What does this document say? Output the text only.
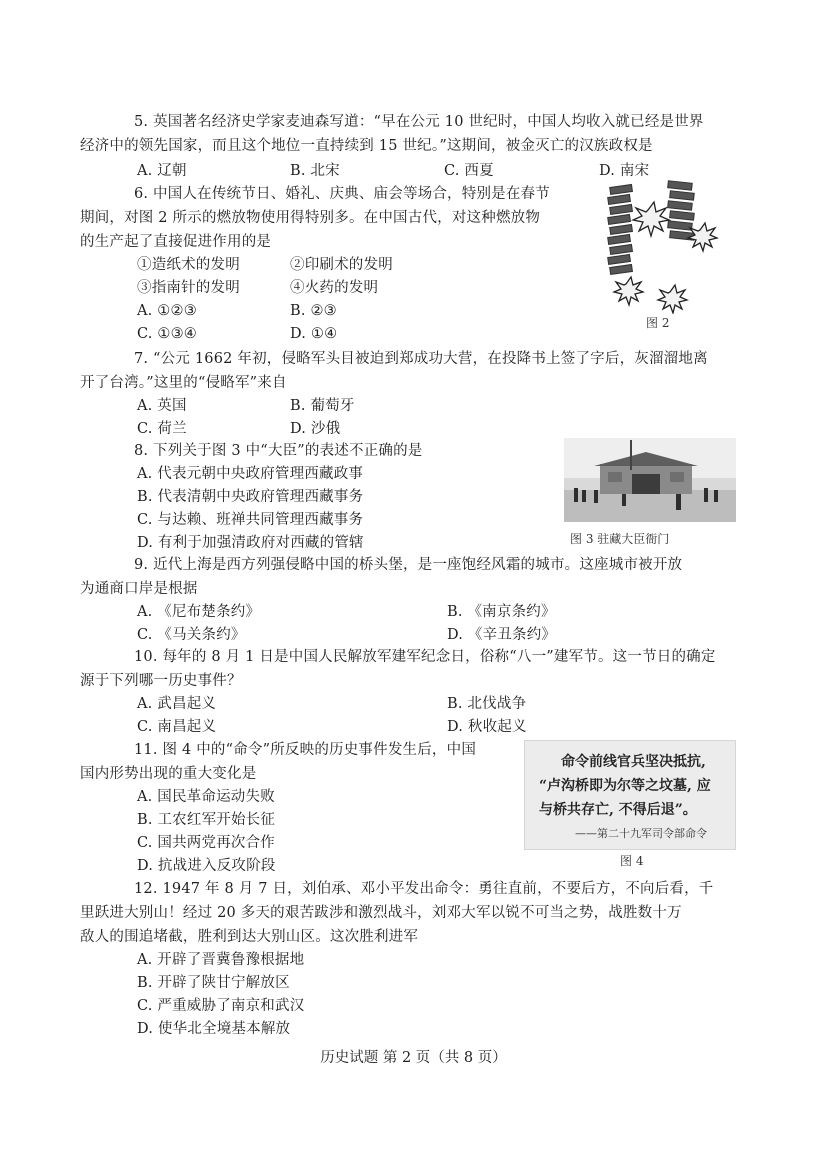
5. 英国著名经济史学家麦迪森写道：“早在公元 10 世纪时，中国人均收入就已经是世界
经济中的领先国家，而且这个地位一直持续到 15 世纪。”这期间，被金灭亡的汉族政权是
A. 辽朝	B. 北宋	C. 西夏	D. 南宋
6. 中国人在传统节日、婚礼、庆典、庙会等场合，特别是在春节
期间，对图 2 所示的燃放物使用得特别多。在中国古代，对这种燃放物
的生产起了直接促进作用的是
①造纸术的发明	②印刷术的发明
③指南针的发明	④火药的发明
A. ①②③	B. ②③
C. ①③④	D. ①④
图 2
7. “公元 1662 年初，侵略军头目被迫到郑成功大营，在投降书上签了字后，灰溜溜地离
开了台湾。”这里的“侵略军”来自
A. 英国	B. 葡萄牙
C. 荷兰	D. 沙俄
8. 下列关于图 3 中“大臣”的表述不正确的是
A. 代表元朝中央政府管理西藏政事
B. 代表清朝中央政府管理西藏事务
C. 与达赖、班禅共同管理西藏事务
D. 有利于加强清政府对西藏的管辖	图 3 驻藏大臣衙门
9. 近代上海是西方列强侵略中国的桥头堡，是一座饱经风霜的城市。这座城市被开放
为通商口岸是根据
A. 《尼布楚条约》	B. 《南京条约》
C. 《马关条约》	D. 《辛丑条约》
10. 每年的 8 月 1 日是中国人民解放军建军纪念日，俗称“八一”建军节。这一节日的确定
源于下列哪一历史事件？
A. 武昌起义	B. 北伐战争
C. 南昌起义	D. 秋收起义
11. 图 4 中的“命令”所反映的历史事件发生后，中国
国内形势出现的重大变化是
A. 国民革命运动失败
B. 工农红军开始长征
C. 国共两党再次合作
D. 抗战进入反攻阶段
命令前线官兵坚决抵抗,
“卢沟桥即为尔等之坟墓, 应
与桥共存亡, 不得后退”。
——第二十九军司令部命令
图 4
12. 1947 年 8 月 7 日，刘伯承、邓小平发出命令：勇往直前，不要后方，不向后看，千
里跃进大别山！经过 20 多天的艰苦跋涉和激烈战斗，刘邓大军以锐不可当之势，战胜数十万
敌人的围追堵截，胜利到达大别山区。这次胜利进军
A. 开辟了晋冀鲁豫根据地
B. 开辟了陕甘宁解放区
C. 严重威胁了南京和武汉
D. 使华北全境基本解放
历史试题 第 2 页（共 8 页）
